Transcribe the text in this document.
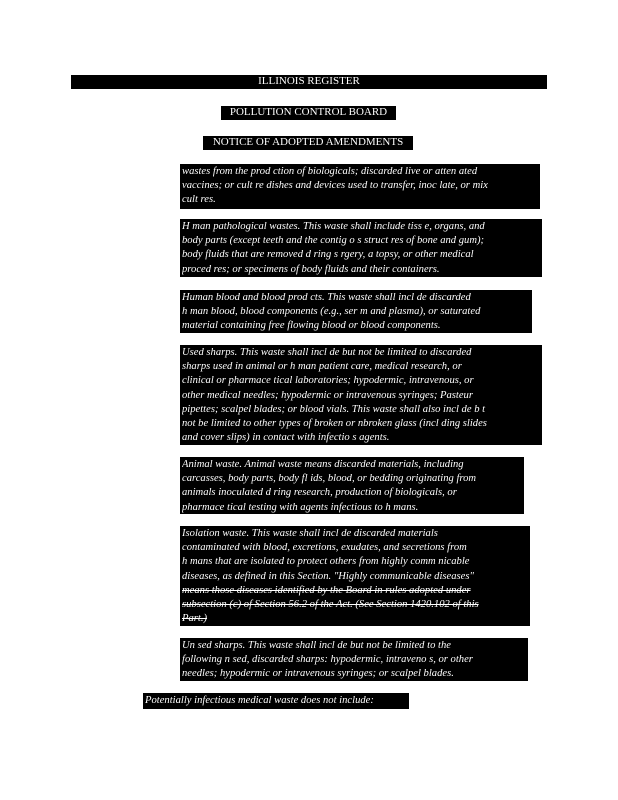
ILLINOIS REGISTER
..
POLLUTION CONTROL BOARD
NOTICE OF ADOPTED AMENDMENTS

wastes from the prod ction of biologicals; discarded live or atten ated

vaccines; or cult re dishes and devices used to transfer, inoc late, or mix

cult res.

H man pathological wastes. This waste shall include tiss e, organs, and

body parts (except teeth and the contig o s struct res of bone and gum);

body fluids that are removed d ring s rgery, a topsy, or other medical

proced res; or specimens of body fluids and their containers.

Human blood and blood prod cts. This waste shall incl de discarded

h man blood, blood components (e.g., ser m and plasma), or saturated

material containing free flowing blood or blood components.

Used sharps. This waste shall incl de but not be limited to discarded

sharps used in animal or h man patient care, medical research, or

clinical or pharmace tical laboratories; hypodermic, intravenous, or

other medical needles; hypodermic or intravenous syringes; Pasteur

pipettes; scalpel blades; or blood vials. This waste shall also incl de b t

not be limited to other types of broken or nbroken glass (incl ding slides

and cover slips) in contact with infectio s agents.

Animal waste. Animal waste means discarded materials, including

carcasses, body parts, body fl ids, blood, or bedding originating from

animals inoculated d ring research, production of biologicals, or

pharmace tical testing with agents infectious to h mans.

Isolation waste. This waste shall incl de discarded materials

contaminated with blood, excretions, exudates, and secretions from

h mans that are isolated to protect others from highly comm nicable

diseases, as defined in this Section. "Highly communicable diseases"

means those diseases identified by the Board in rules adopted under

subsection (c) of Section 56.2 of the Act. (See Section 1420.102 of this

Part.)

Un sed sharps. This waste shall incl de but not be limited to the

following n sed, discarded sharps: hypodermic, intraveno s, or other

needles; hypodermic or intravenous syringes; or scalpel blades.

Potentially infectious medical waste does not include:
